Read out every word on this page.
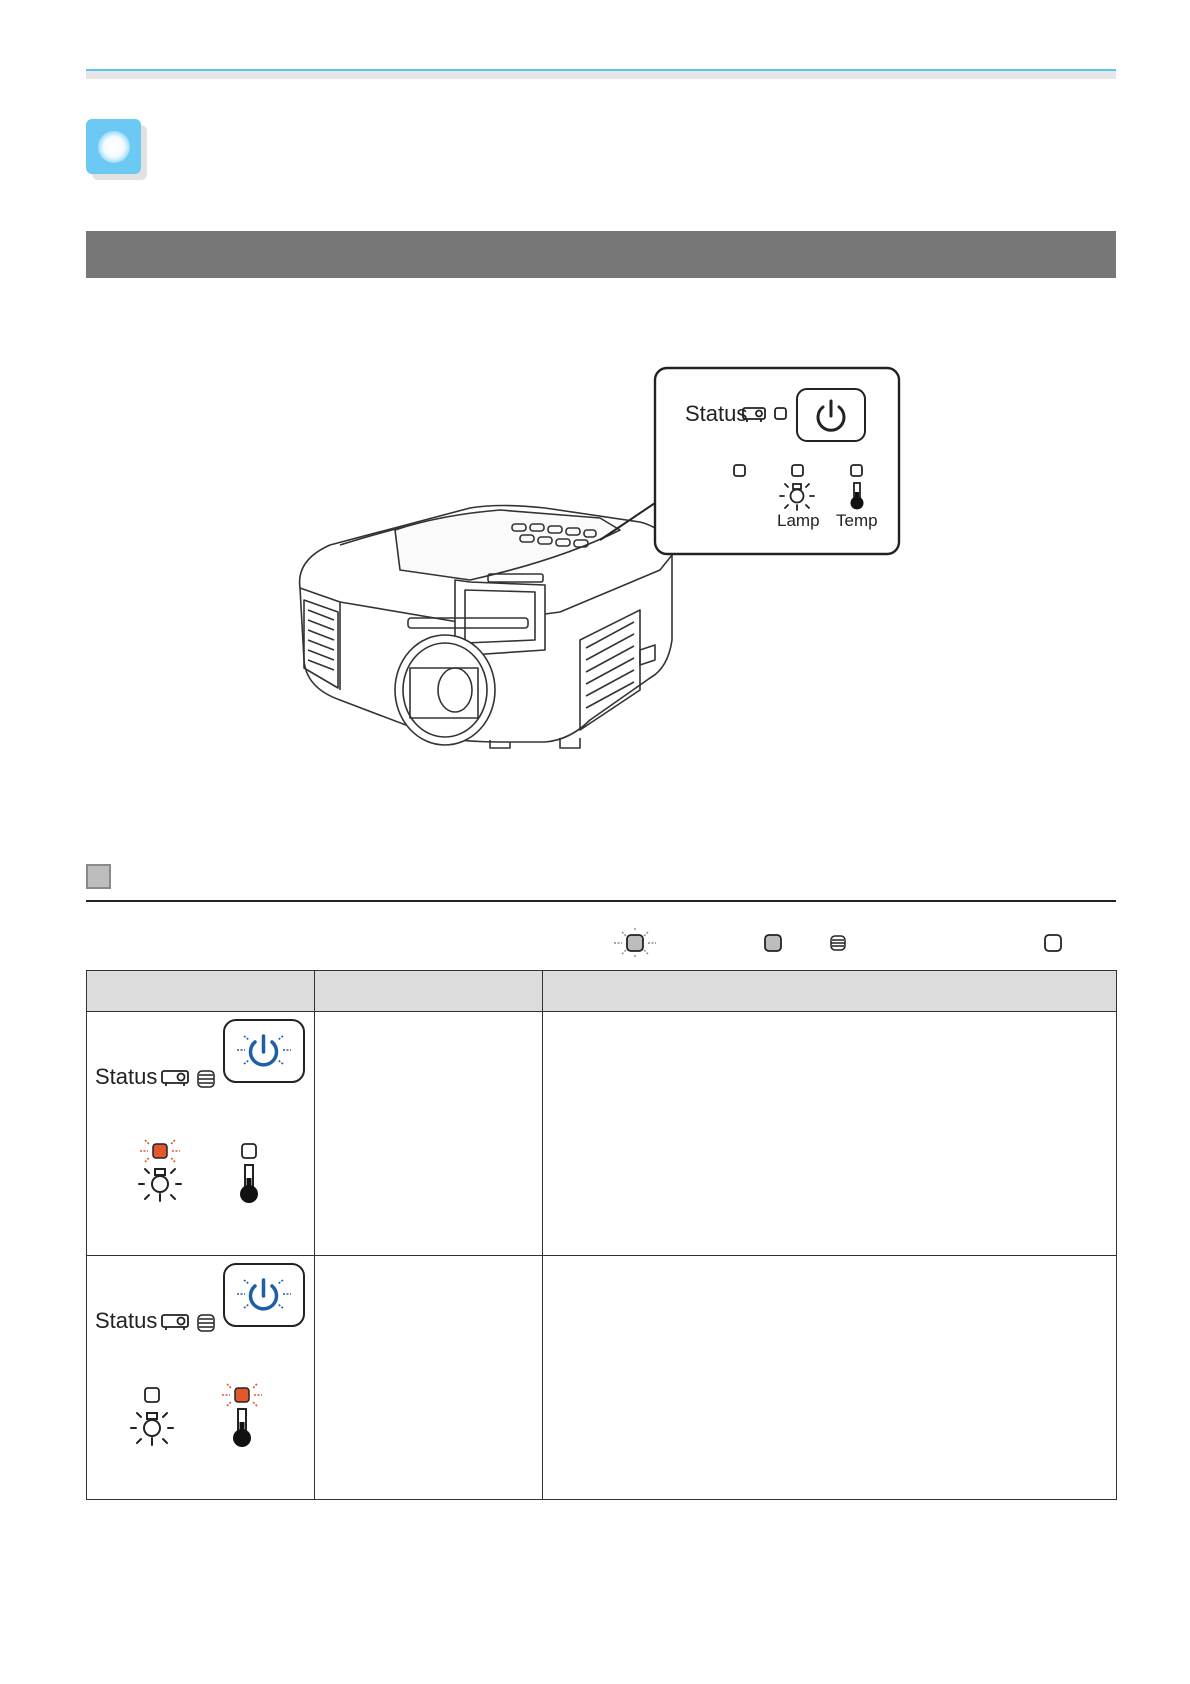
Status
Lamp Temp

Status		

Status		
